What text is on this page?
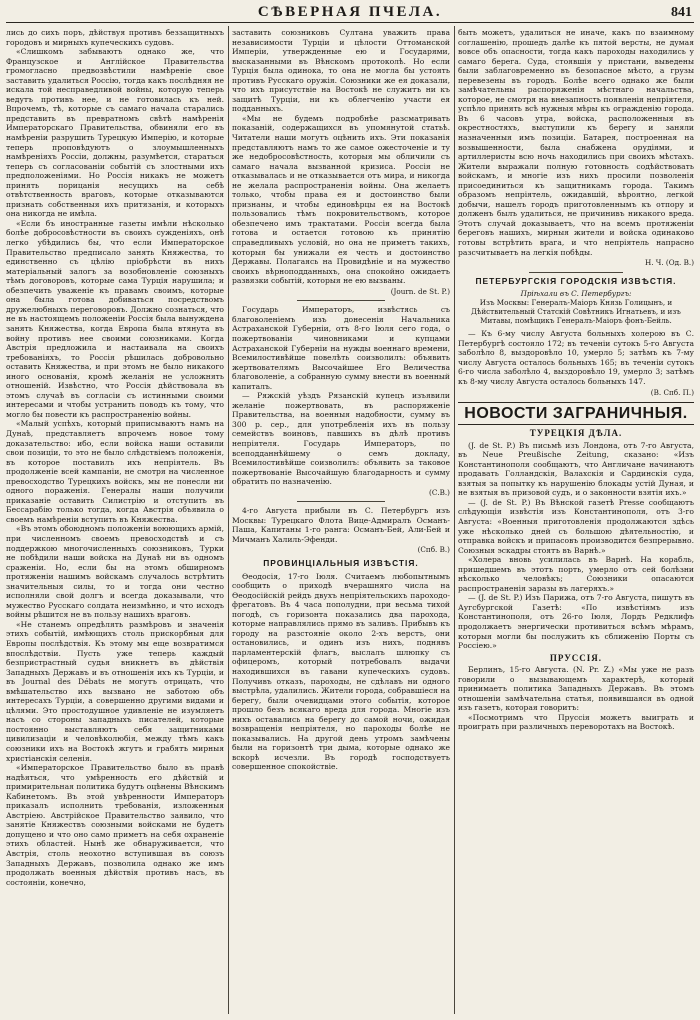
СѢВЕРНАЯ ПЧЕЛА.	841

лись до сихъ поръ, дѣйствуя противъ беззащитныхъ городовъ и мирныхъ купеческихъ судовъ.

«Слишкомъ забываютъ однако же, что Французское и Англійское Правительства громогласно предвозвѣстили намѣреніе свое заставить удалиться Россію, тогда какъ послѣдняя не искала той несправедливой войны, которую теперь ведутъ противъ нее, и не готовилась къ ней. Впрочемъ, тѣ, которые съ самаго начала старались представить въ превратномъ свѣтѣ намѣренія Императорскаго Правительства, обвиняли его въ намѣреніи разрушить Турецкую Имперію, и которые теперь проповѣдуютъ о злоумышленныхъ намѣреніяхъ Россіи, должны, разумѣется, стараться теперь съ согласованіи событій съ злостными ихъ предположеніями. Но Россія никакъ не можетъ принять порицанія несущихъ на себѣ отвѣтственность враговъ, которые отказываются признать собственныя ихъ притязанія, и которыхъ она никогда не имѣла.

«Если бъ иностранные газеты имѣли нѣсколько болѣе добросовѣстности въ своихъ сужденіяхъ, онѣ легко убѣдились бы, что если Императорское Правительство предписало занять Княжества, то единственно съ цѣлію пріобрѣсти въ нихъ матеріальный залогъ за возобновленіе союзныхъ тѣмъ договоровъ, которые сама Турція нарушила; и обезпечить уваженіе къ правамъ своимъ, которые она была готова добиваться посредствомъ дружелюбныхъ переговоровъ. Должно сознаться, что не въ настоящемъ положеніи Россія была вынуждена занять Княжества, когда Европа была втянута въ войну противъ нее своими союзниками. Когда Австрія предложила и настаивала на своихъ требованіяхъ, то Россія рѣшилась добровольно оставить Княжества, и при этомъ не было никакого иного основанія, кромѣ желанія не усложнять отношеній. Извѣстно, что Россія дѣйствовала въ этомъ случаѣ въ согласіи съ истинными своими интересами и чтобы устранить поводъ къ тому, что могло бы повести къ распространенію войны.

«Малый успѣхъ, который приписываютъ намъ на Дунаѣ, представляетъ впрочемъ новое тому доказательство: ибо, если войска наши оставили свои позиціи, то это не было слѣдствіемъ положенія, въ которое поставилъ ихъ непріятель. Въ продолженіе всей кампаніи, не смотря на численное превосходство Турецкихъ войскъ, мы не понесли ни одного пораженія. Генералы наши получили приказаніе оставить Силистрію и отступить въ Бессарабію только тогда, когда Австрія объявила о своемъ намѣреніи вступить въ Княжества.

«Въ этомъ обоюдномъ положеніи воюющихъ армій, при численномъ своемъ превосходствѣ и съ поддержкою многочисленныхъ союзниковъ, Турки не побѣдили наши войска на Дунаѣ ни въ одномъ сраженіи. Но, если бы на этомъ обширномъ протяженіи нашимъ войскамъ случалось встрѣтить значительныя силы, то и тогда они честно исполняли свой долгъ и всегда доказывали, что мужество Русскаго солдата неизмѣнно, и что исходъ войны рѣшится не въ пользу нашихъ враговъ.

«Не станемъ опредѣлять размѣровъ и значенія этихъ событій, имѣющихъ столь прискорбныя для Европы послѣдствія. Къ этому мы еще возвратимся впослѣдствіи. Пусть уже теперь каждый безпристрастный судья вникнетъ въ дѣйствія Западныхъ Державъ и въ отношенія ихъ къ Турціи, и въ Journal des Débats не могутъ отрицать, что вмѣшательство ихъ вызвано не заботою объ интересахъ Турціи, а совершенно другими видами и цѣлями. Это простодушное удивленіе не изумляетъ насъ со стороны западныхъ писателей, которые постоянно выставляютъ себя защитниками цивилизаціи и человѣколюбія, между тѣмъ какъ союзники ихъ на Востокѣ жгутъ и грабятъ мирныя христіанскія селенія.

«Императорское Правительство было въ правѣ надѣяться, что умѣренность его дѣйствій и примирительная политика будутъ оцѣнены Вѣнскимъ Кабинетомъ. Въ этой увѣренности Императоръ приказалъ исполнить требованія, изложенныя Австріею. Австрійское Правительство заявило, что занятіе Княжествъ союзными войсками не будетъ допущено и что оно само приметъ на себя охраненіе этихъ областей. Нынѣ же обнаруживается, что Австрія, столь неохотно вступившая въ союзъ Западныхъ Державъ, позволила однако же имъ продолжать военныя дѣйствія противъ насъ, въ состояніи, конечно,

заставить союзниковъ Султана уважить права независимости Турціи и цѣлости Оттоманской Имперіи, утвержденные ею и Государями, высказанными въ Вѣнскомъ протоколѣ. Но если Турція была одинока, то она не могла бы устоять противъ Русскаго оружія. Союзники же ея доказали, что ихъ присутствіе на Востокѣ не служитъ ни къ защитѣ Турціи, ни къ облегченію участи ея подданныхъ.

«Мы не будемъ подробнѣе разсматривать показаній, содержащихся въ упомянутой статьѣ. Читатели наши могутъ оцѣнить ихъ. Эти показанія представляютъ намъ то же самое ожесточеніе и ту же недобросовѣстность, которыя мы обличили съ самаго начала вызванной кризиса. Россія не отказывалась и не отказывается отъ мира, и никогда не желала распространенія войны. Она желаетъ только, чтобы права ея и достоинство были признаны, и чтобы единовѣрцы ея на Востокѣ пользовались тѣмъ покровительствомъ, которое обезпечено имъ трактатами. Россія всегда была готова и остается готовою къ принятію справедливыхъ условій, но она не приметъ такихъ, которыя бы унижали ея честь и достоинство Державы. Полагаясь на Провидѣніе и на мужество своихъ вѣрноподданныхъ, она спокойно ожидаетъ развязки событій, которыя не ею вызваны.

(Journ. de St. P.)

Государь Императоръ, извѣстясь съ благоволеніемъ изъ донесенія Начальника Астраханской Губерніи, отъ 8-го Іюля сего года, о пожертвованіи чиновниками и купцами Астраханской Губерніи на нужды военнаго времени, Всемилостивѣйше повелѣть соизволилъ: объявить жертвователямъ Высочайшее Его Величества благоволеніе, а собранную сумму внести въ военный капиталъ.

— Ряжскій уѣздъ Рязанскій купецъ изъявили желаніе пожертвовать, въ распоряженіе Правительства, на военныя надобности, сумму въ 300 р. сер., для употребленія ихъ въ пользу семействъ воиновъ, павшихъ въ дѣлѣ противъ непріятеля. Государь Императоръ, по всеподданнѣйшему о семъ докладу, Всемилостивѣйше соизволилъ: объявить за таковое пожертвованіе Высочайшую благодарность и сумму обратить по назначенію.

(С.В.)

4-го Августа прибыли въ С. Петербургъ изъ Москвы: Турецкаго Флота Вице-Адмиралъ Османъ-Паша, Капитаны 1-го ранга: Османъ-Бей, Али-Бей и Мичманъ Халиль-Эфенди.

(Спб. В.)
ПРОВИНЦІАЛЬНЫЯ ИЗВѢСТІЯ.

Ѳеодосія, 17-го Іюля. Считаемъ любопытнымъ сообщить о приходѣ вчерашняго числа на Ѳеодосійскій рейдъ двухъ непріятельскихъ пароходо-фрегатовъ. Въ 4 часа пополудни, при весьма тихой погодѣ, съ горизонта показались два парохода, которые направлялись прямо въ заливъ. Прибывъ къ городу на разстояніе около 2-хъ верстъ, они остановились, и одинъ изъ нихъ, поднявъ парламентерскій флагъ, выслалъ шлюпку съ офицеромъ, который потребовалъ выдачи находившихся въ гавани купеческихъ судовъ. Получивъ отказъ, пароходы, не сдѣлавъ ни одного выстрѣла, удалились. Жители города, собравшіеся на берегу, были очевидцами этого событія, которое прошло безъ всякаго вреда для города. Многіе изъ нихъ оставались на берегу до самой ночи, ожидая возвращенія непріятеля, но пароходы болѣе не показывались. На другой день утромъ замѣчены были на горизонтѣ три дыма, которые однако же вскорѣ исчезли. Въ городѣ господствуетъ совершенное спокойствіе.

быть можетъ, удалиться не иначе, какъ по взаимному соглашенію, прошедъ далѣе къ пятой версты, не думая вовсе объ опасности, тогда какъ пароходы находились у самаго берега. Суда, стоявшія у пристани, выведены были заблаговременно въ безопасное мѣсто, а грузы перевезены въ городъ. Болѣе всего однако же были замѣчательны распоряженія мѣстнаго начальства, которое, не смотря на внезапность появленія непріятеля, успѣло принять всѣ нужныя мѣры къ огражденію города. Въ 6 часовъ утра, войска, расположенныя въ окрестностяхъ, выступили къ берегу и заняли назначенныя имъ позиціи. Батарея, построенная на возвышенности, была снабжена орудіями, и артиллеристы всю ночь находились при своихъ мѣстахъ. Жители выражали полную готовность содѣйствовать войскамъ, и многіе изъ нихъ просили позволенія присоединиться къ защитникамъ города. Такимъ образомъ непріятель, ожидавшій, вѣроятно, легкой добычи, нашелъ городъ приготовленнымъ къ отпору и долженъ былъ удалиться, не причинивъ никакого вреда. Этотъ случай доказываетъ, что на всемъ протяженіи береговъ нашихъ, мирныя жители и войска одинаково готовы встрѣтить врага, и что непріятель напрасно разсчитываетъ на легкія побѣды.

Н. Ч. (Од. В.)
ПЕТЕРБУРГСКІЯ ГОРОДСКІЯ ИЗВѢСТІЯ.
Пріѣхали въ С. Петербургъ:
Изъ Москвы: Генералъ-Маіоръ Князь Голицынъ, и Дѣйствительный Статскій Совѣтникъ Игнатьевъ, и изъ Митавы, помѣщикъ Генералъ-Маіоръ фонъ-Бейль.

— Къ 6-му числу Августа больныхъ холерою въ С. Петербургѣ состояло 172; въ теченіи сутокъ 5-го Августа заболѣло 8, выздоровѣло 10, умерло 5; затѣмъ къ 7-му числу Августа осталось больныхъ 165; въ теченіи сутокъ 6-го числа заболѣло 4, выздоровѣло 19, умерло 3; затѣмъ къ 8-му числу Августа осталось больныхъ 147.

(В. Спб. П.)
НОВОСТИ ЗАГРАНИЧНЫЯ.
ТУРЕЦКІЯ ДѢЛА.

(J. de St. P.) Въ письмѣ изъ Лондона, отъ 7-го Августа, въ Neue Preußische Zeitung, сказано: «Изъ Константинополя сообщаютъ, что Англичане начинаютъ продавать Голландскія, Валахскія и Сардинскія суда, взятыя за попытку къ нарушенію блокады устій Дуная, и не взятыя въ призовой судъ, и о законности взятія ихъ.»

— (J. de St. P.) Въ Вѣнской газетѣ Presse сообщаютъ слѣдующія извѣстія изъ Константинополя, отъ 3-го Августа: «Военныя приготовленія продолжаются здѣсь уже нѣсколько дней съ большою дѣятельностію, и отправка войскъ и припасовъ производится безпрерывно. Союзныя эскадры стоятъ въ Варнѣ.»

«Холера вновь усилилась въ Варнѣ. На корабль, пришедшемъ въ этотъ порть, умерло отъ сей болѣзни нѣсколько человѣкъ; Союзники опасаются распространенія заразы въ лагеряхъ.»

— (J. de St. P.) Изъ Парижа, отъ 7-го Августа, пишутъ въ Аугсбургской Газетѣ: «По извѣстіямъ изъ Константинополя, отъ 26-го Іюля, Лордъ Редклифъ продолжаетъ энергически противиться всѣмъ мѣрамъ, которыя могли бы послужить къ сближенію Порты съ Россіею.»

ПРУССІЯ.

Берлинъ, 15-го Августа. (N. Pr. Z.) «Мы уже не разъ говорили о вызывающемъ характерѣ, который принимаетъ политика Западныхъ Державъ. Въ этомъ отношеніи замѣчательна статья, появившаяся въ одной изъ газетъ, которая говоритъ:

«Посмотримъ что Пруссія можетъ выиграть и проиграть при различныхъ переворотахъ на Востокѣ.
